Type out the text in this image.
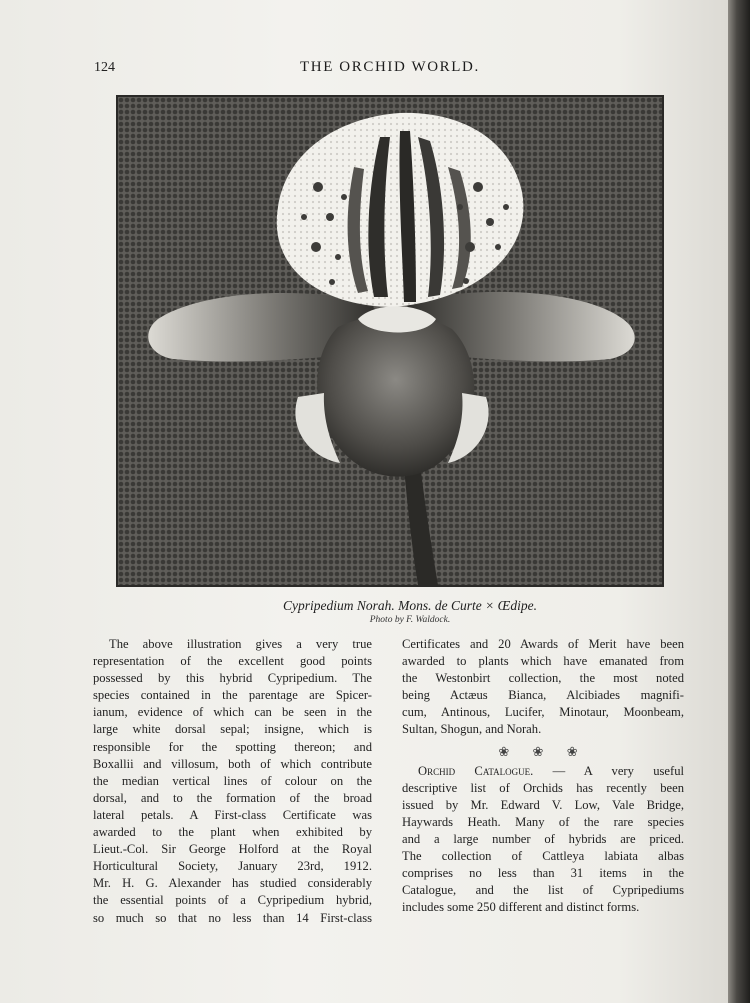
124	THE ORCHID WORLD.
Cypripedium Norah. Mons. de Curte × Œdipe.
Photo by F. Waldock.
The above illustration gives a very true
representation of the excellent good points
possessed by this hybrid Cypripedium. The
species contained in the parentage are Spicer-
ianum, evidence of which can be seen in the
large white dorsal sepal; insigne, which is
responsible for the spotting thereon; and
Boxallii and villosum, both of which contribute
the median vertical lines of colour on the
dorsal, and to the formation of the broad
lateral petals. A First-class Certificate was
awarded to the plant when exhibited by
Lieut.-Col. Sir George Holford at the Royal
Horticultural Society, January 23rd, 1912.
Mr. H. G. Alexander has studied considerably
the essential points of a Cypripedium hybrid,
so much so that no less than 14 First-class
Certificates and 20 Awards of Merit have been
awarded to plants which have emanated from
the Westonbirt collection, the most noted
being Actæus Bianca, Alcibiades magnifi-
cum, Antinous, Lucifer, Minotaur, Moonbeam,
Sultan, Shogun, and Norah.
❀ ❀ ❀
Orchid Catalogue. — A very useful
descriptive list of Orchids has recently been
issued by Mr. Edward V. Low, Vale Bridge,
Haywards Heath. Many of the rare species
and a large number of hybrids are priced.
The collection of Cattleya labiata albas
comprises no less than 31 items in the
Catalogue, and the list of Cypripediums
includes some 250 different and distinct forms.
